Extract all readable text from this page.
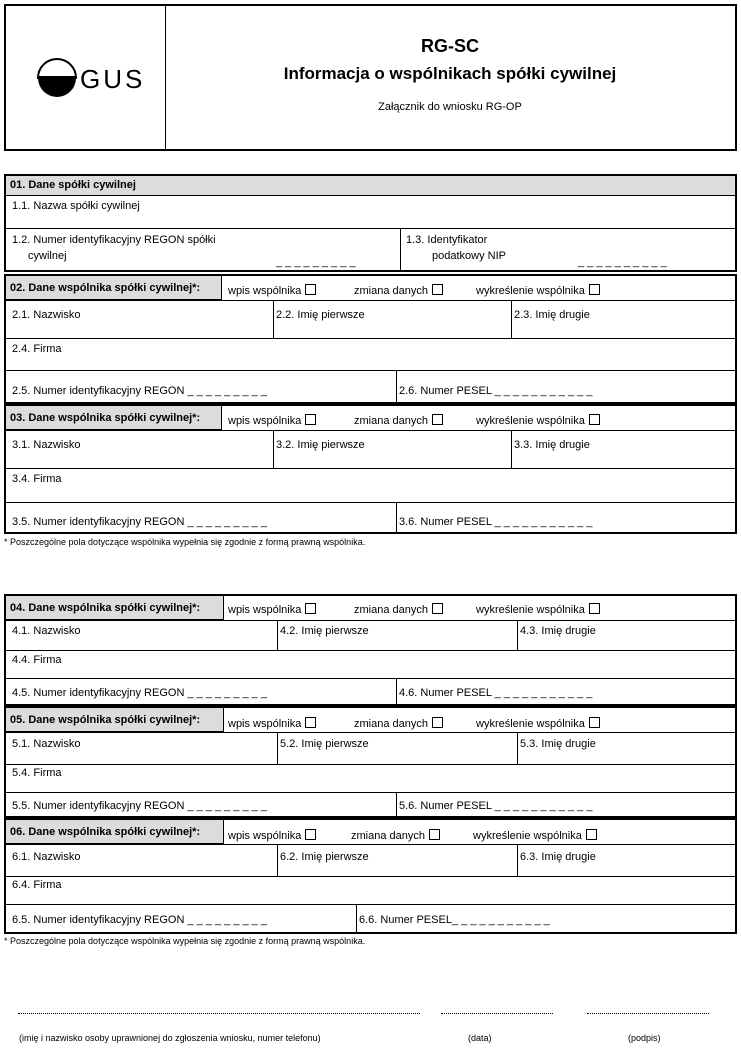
GUS
RG-SC
Informacja o wspólnikach spółki cywilnej
Załącznik do wniosku RG-OP
01. Dane spółki cywilnej
1.1. Nazwa spółki cywilnej
1.2. Numer identyfikacyjny REGON spółki
cywilnej	_ _ _ _ _ _ _ _ _
1.3. Identyfikator
podatkowy NIP	_ _ _ _ _ _ _ _ _ _
02. Dane wspólnika spółki cywilnej*:	wpis wspólnika	zmiana danych	wykreślenie wspólnika
2.1. Nazwisko	2.2. Imię pierwsze	2.3. Imię drugie
2.4. Firma
2.5. Numer identyfikacyjny REGON _ _ _ _ _ _ _ _ _	2.6. Numer PESEL _ _ _ _ _ _ _ _ _ _ _
03. Dane wspólnika spółki cywilnej*:	wpis wspólnika	zmiana danych	wykreślenie wspólnika
3.1. Nazwisko	3.2. Imię pierwsze	3.3. Imię drugie
3.4. Firma
3.5. Numer identyfikacyjny REGON _ _ _ _ _ _ _ _ _	3.6. Numer PESEL _ _ _ _ _ _ _ _ _ _ _
* Poszczególne pola dotyczące wspólnika wypełnia się zgodnie z formą prawną wspólnika.
04. Dane wspólnika spółki cywilnej*:	wpis wspólnika	zmiana danych	wykreślenie wspólnika
4.1. Nazwisko	4.2. Imię pierwsze	4.3. Imię drugie
4.4. Firma
4.5. Numer identyfikacyjny REGON _ _ _ _ _ _ _ _ _	4.6. Numer PESEL _ _ _ _ _ _ _ _ _ _ _
05. Dane wspólnika spółki cywilnej*:	wpis wspólnika	zmiana danych	wykreślenie wspólnika
5.1. Nazwisko	5.2. Imię pierwsze	5.3. Imię drugie
5.4. Firma
5.5. Numer identyfikacyjny REGON _ _ _ _ _ _ _ _ _	5.6. Numer PESEL _ _ _ _ _ _ _ _ _ _ _
06. Dane wspólnika spółki cywilnej*:	wpis wspólnika	zmiana danych	wykreślenie wspólnika
6.1. Nazwisko	6.2. Imię pierwsze	6.3. Imię drugie
6.4. Firma
6.5. Numer identyfikacyjny REGON _ _ _ _ _ _ _ _ _	6.6. Numer PESEL_ _ _ _ _ _ _ _ _ _ _
* Poszczególne pola dotyczące wspólnika wypełnia się zgodnie z formą prawną wspólnika.
(imię i nazwisko osoby uprawnionej do zgłoszenia wniosku, numer telefonu)	(data)	(podpis)
